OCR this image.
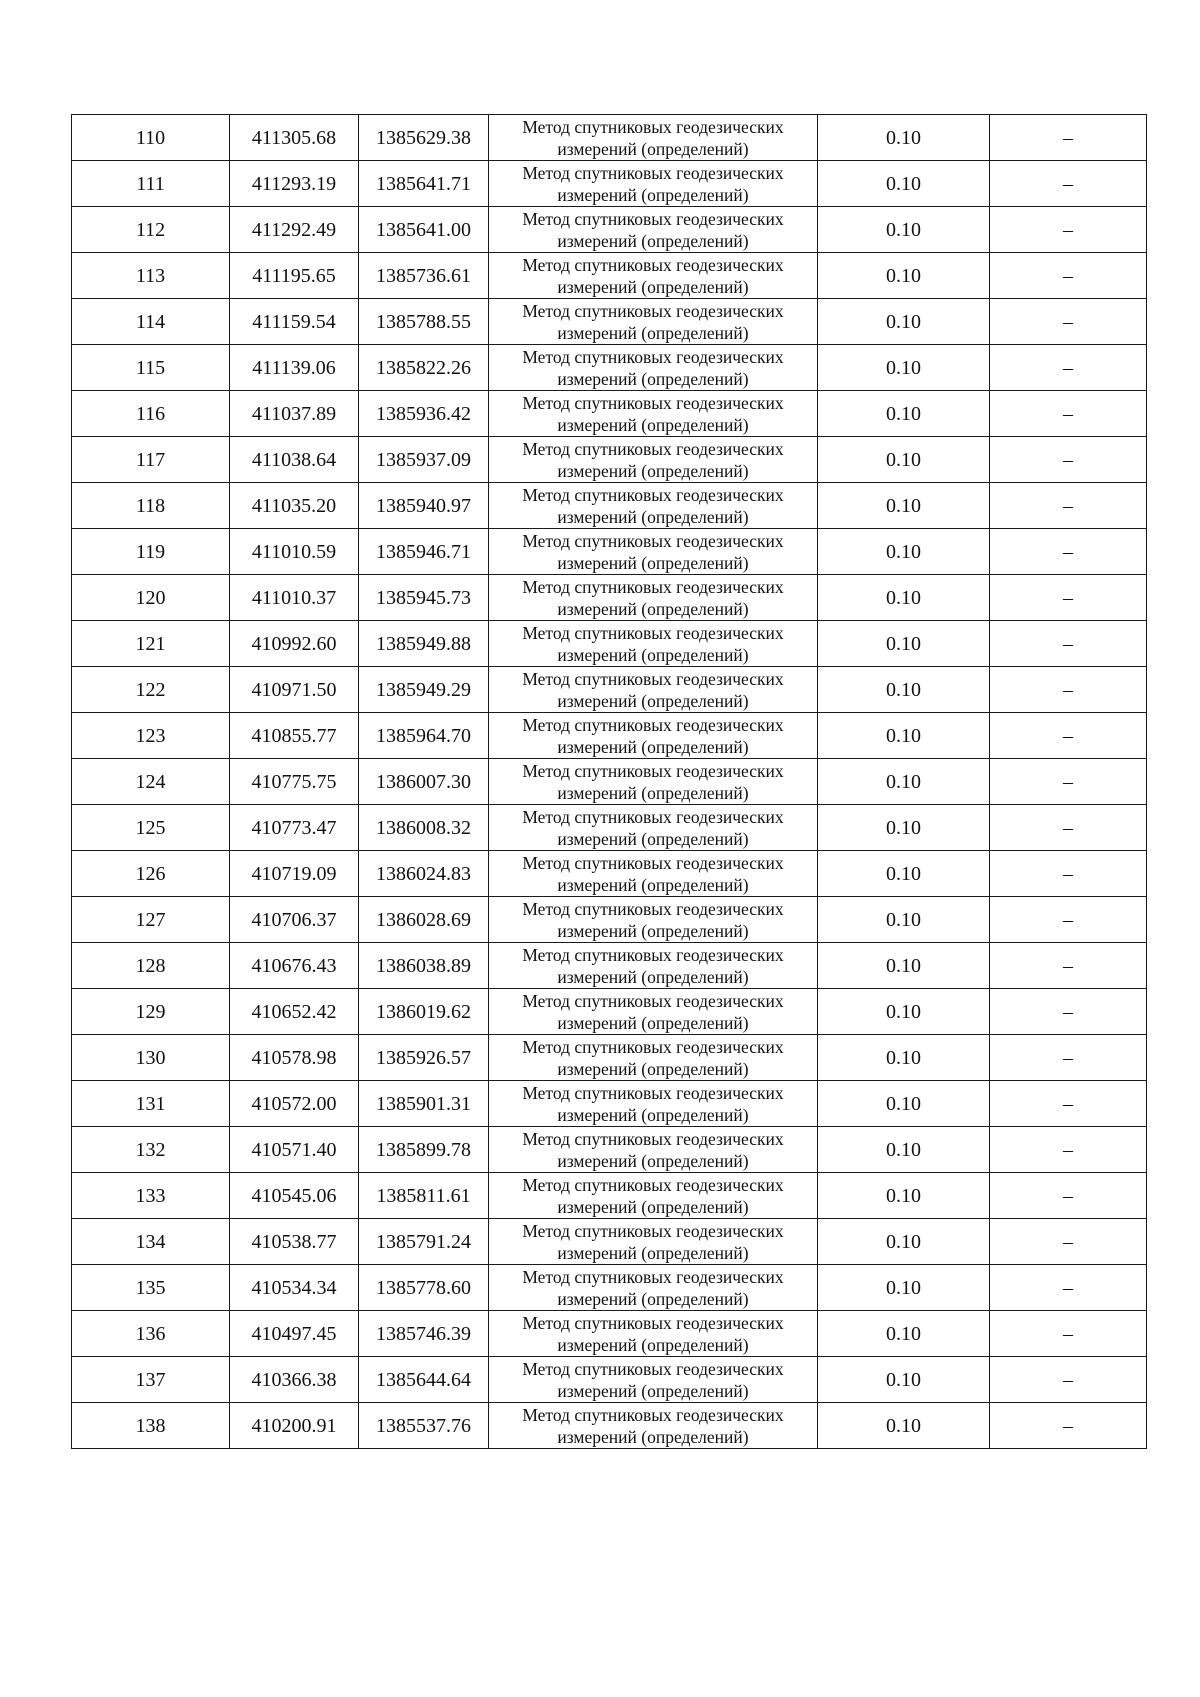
110	411305.68	1385629.38	Метод спутниковых геодезических
измерений (определений)	0.10	–
111	411293.19	1385641.71	Метод спутниковых геодезических
измерений (определений)	0.10	–
112	411292.49	1385641.00	Метод спутниковых геодезических
измерений (определений)	0.10	–
113	411195.65	1385736.61	Метод спутниковых геодезических
измерений (определений)	0.10	–
114	411159.54	1385788.55	Метод спутниковых геодезических
измерений (определений)	0.10	–
115	411139.06	1385822.26	Метод спутниковых геодезических
измерений (определений)	0.10	–
116	411037.89	1385936.42	Метод спутниковых геодезических
измерений (определений)	0.10	–
117	411038.64	1385937.09	Метод спутниковых геодезических
измерений (определений)	0.10	–
118	411035.20	1385940.97	Метод спутниковых геодезических
измерений (определений)	0.10	–
119	411010.59	1385946.71	Метод спутниковых геодезических
измерений (определений)	0.10	–
120	411010.37	1385945.73	Метод спутниковых геодезических
измерений (определений)	0.10	–
121	410992.60	1385949.88	Метод спутниковых геодезических
измерений (определений)	0.10	–
122	410971.50	1385949.29	Метод спутниковых геодезических
измерений (определений)	0.10	–
123	410855.77	1385964.70	Метод спутниковых геодезических
измерений (определений)	0.10	–
124	410775.75	1386007.30	Метод спутниковых геодезических
измерений (определений)	0.10	–
125	410773.47	1386008.32	Метод спутниковых геодезических
измерений (определений)	0.10	–
126	410719.09	1386024.83	Метод спутниковых геодезических
измерений (определений)	0.10	–
127	410706.37	1386028.69	Метод спутниковых геодезических
измерений (определений)	0.10	–
128	410676.43	1386038.89	Метод спутниковых геодезических
измерений (определений)	0.10	–
129	410652.42	1386019.62	Метод спутниковых геодезических
измерений (определений)	0.10	–
130	410578.98	1385926.57	Метод спутниковых геодезических
измерений (определений)	0.10	–
131	410572.00	1385901.31	Метод спутниковых геодезических
измерений (определений)	0.10	–
132	410571.40	1385899.78	Метод спутниковых геодезических
измерений (определений)	0.10	–
133	410545.06	1385811.61	Метод спутниковых геодезических
измерений (определений)	0.10	–
134	410538.77	1385791.24	Метод спутниковых геодезических
измерений (определений)	0.10	–
135	410534.34	1385778.60	Метод спутниковых геодезических
измерений (определений)	0.10	–
136	410497.45	1385746.39	Метод спутниковых геодезических
измерений (определений)	0.10	–
137	410366.38	1385644.64	Метод спутниковых геодезических
измерений (определений)	0.10	–
138	410200.91	1385537.76	Метод спутниковых геодезических
измерений (определений)	0.10	–
